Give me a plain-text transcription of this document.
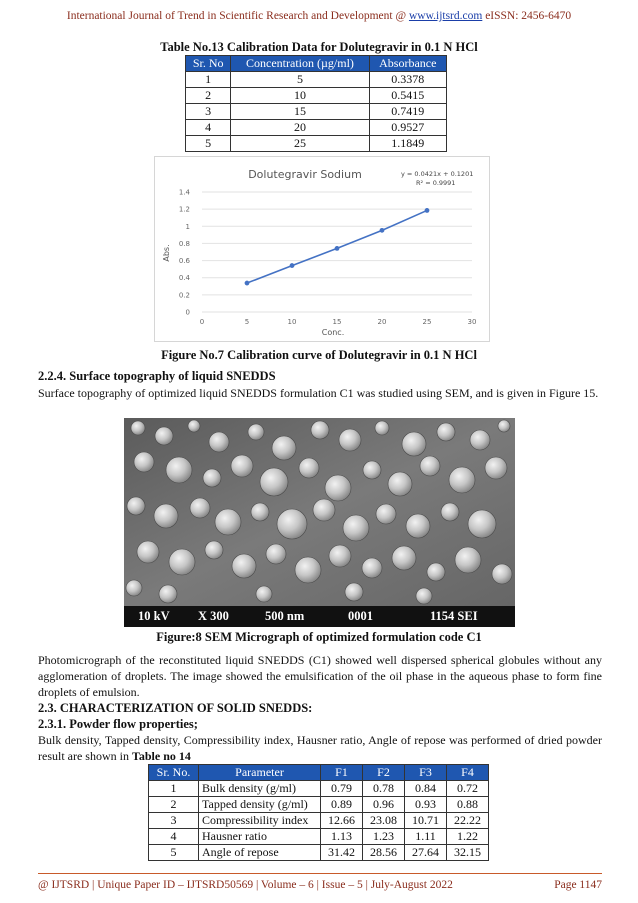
International Journal of Trend in Scientific Research and Development @ www.ijtsrd.com eISSN: 2456-6470
Table No.13 Calibration Data for Dolutegravir in 0.1 N HCl
Sr. No	Concentration (µg/ml)	Absorbance
1	5	0.3378
2	10	0.5415
3	15	0.7419
4	20	0.9527
5	25	1.1849
0
0.2
0.4
0.6
0.8
1
1.2
1.4
0	5	10	15	20	25	30
Dolutegravir Sodium	y = 0.0421x + 0.1201
R² = 0.9991
Conc.
Abs.
Figure No.7 Calibration curve of Dolutegravir in 0.1 N HCl
2.2.4. Surface topography of liquid SNEDDS
Surface topography of optimized liquid SNEDDS formulation C1 was studied using SEM, and is given in Figure 15.
10 kV X 300	500 nm	0001	1154 SEI
Figure:8 SEM Micrograph of optimized formulation code C1
Photomicrograph of the reconstituted liquid SNEDDS (C1) showed well dispersed spherical globules without any agglomeration of droplets. The image showed the emulsification of the oil phase in the aqueous phase to form fine droplets of emulsion.
2.3. CHARACTERIZATION OF SOLID SNEDDS:
2.3.1. Powder flow properties;
Bulk density, Tapped density, Compressibility index, Hausner ratio, Angle of repose was performed of dried powder result are shown in Table no 14
Sr. No.	Parameter	F1	F2	F3	F4
1	Bulk density (g/ml)	0.79	0.78	0.84	0.72
2	Tapped density (g/ml)	0.89	0.96	0.93	0.88
3	Compressibility index	12.66	23.08	10.71	22.22
4	Hausner ratio	1.13	1.23	1.11	1.22
5	Angle of repose	31.42	28.56	27.64	32.15
@ IJTSRD | Unique Paper ID – IJTSRD50569 | Volume – 6 | Issue – 5 | July-August 2022	Page 1147
